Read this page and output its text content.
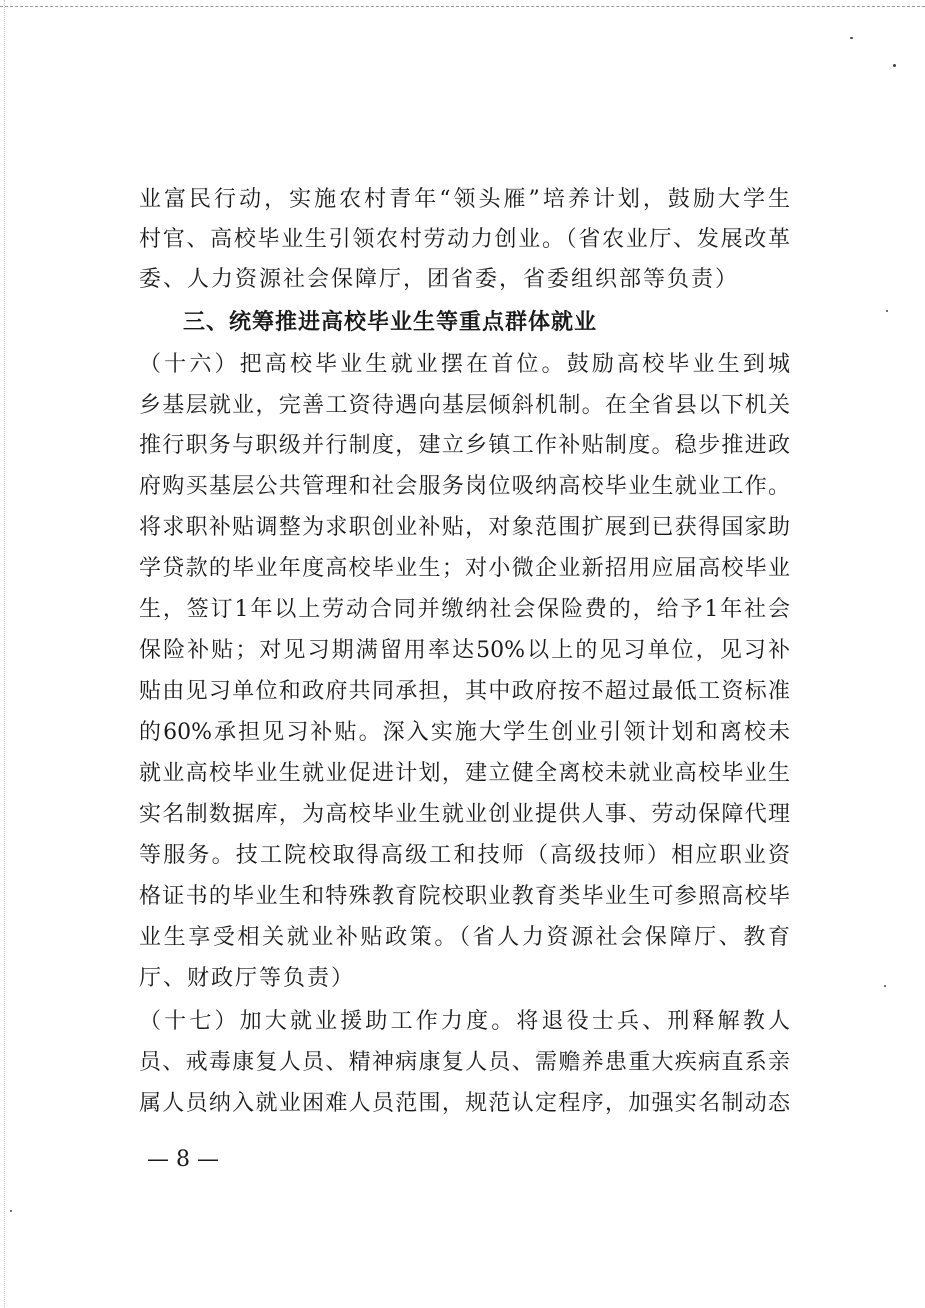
业富民行动，实施农村青年“领头雁”培养计划，鼓励大学生
村官、高校毕业生引领农村劳动力创业。（省农业厅、发展改革
委、人力资源社会保障厅，团省委，省委组织部等负责）
三、统筹推进高校毕业生等重点群体就业
（十六）把高校毕业生就业摆在首位。鼓励高校毕业生到城
乡基层就业，完善工资待遇向基层倾斜机制。在全省县以下机关
推行职务与职级并行制度，建立乡镇工作补贴制度。稳步推进政
府购买基层公共管理和社会服务岗位吸纳高校毕业生就业工作。
将求职补贴调整为求职创业补贴，对象范围扩展到已获得国家助
学贷款的毕业年度高校毕业生；对小微企业新招用应届高校毕业
生，签订1年以上劳动合同并缴纳社会保险费的，给予1年社会
保险补贴；对见习期满留用率达50%以上的见习单位，见习补
贴由见习单位和政府共同承担，其中政府按不超过最低工资标准
的60%承担见习补贴。深入实施大学生创业引领计划和离校未
就业高校毕业生就业促进计划，建立健全离校未就业高校毕业生
实名制数据库，为高校毕业生就业创业提供人事、劳动保障代理
等服务。技工院校取得高级工和技师（高级技师）相应职业资
格证书的毕业生和特殊教育院校职业教育类毕业生可参照高校毕
业生享受相关就业补贴政策。（省人力资源社会保障厅、教育
厅、财政厅等负责）
（十七）加大就业援助工作力度。将退役士兵、刑释解教人
员、戒毒康复人员、精神病康复人员、需赡养患重大疾病直系亲
属人员纳入就业困难人员范围，规范认定程序，加强实名制动态
— 8 —
